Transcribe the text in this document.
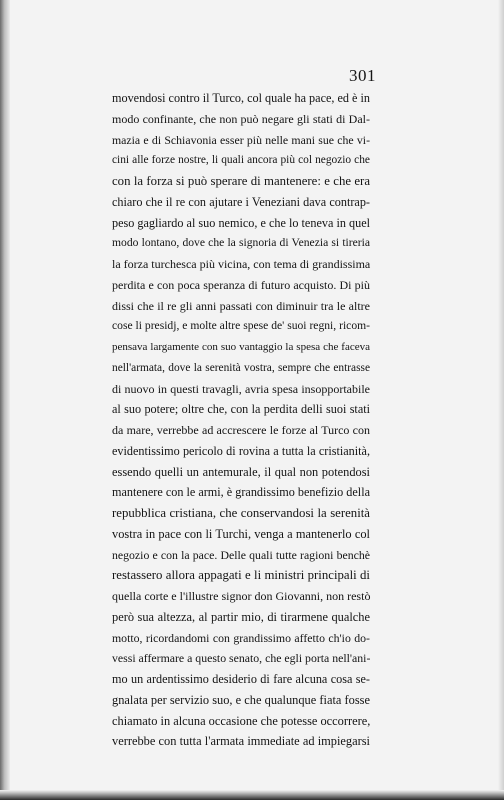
301
movendosi contro il Turco, col quale ha pace, ed è in
modo confinante, che non può negare gli stati di Dal-
mazia e di Schiavonia esser più nelle mani sue che vi-
cini alle forze nostre, li quali ancora più col negozio che
con la forza si può sperare di mantenere: e che era
chiaro che il re con ajutare i Veneziani dava contrap-
peso gagliardo al suo nemico, e che lo teneva in quel
modo lontano, dove che la signoria di Venezia si tireria
la forza turchesca più vicina, con tema di grandissima
perdita e con poca speranza di futuro acquisto. Di più
dissi che il re gli anni passati con diminuir tra le altre
cose li presidj, e molte altre spese de' suoi regni, ricom-
pensava largamente con suo vantaggio la spesa che faceva
nell'armata, dove la serenità vostra, sempre che entrasse
di nuovo in questi travagli, avria spesa insopportabile
al suo potere; oltre che, con la perdita delli suoi stati
da mare, verrebbe ad accrescere le forze al Turco con
evidentissimo pericolo di rovina a tutta la cristianità,
essendo quelli un antemurale, il qual non potendosi
mantenere con le armi, è grandissimo benefizio della
repubblica cristiana, che conservandosi la serenità
vostra in pace con li Turchi, venga a mantenerlo col
negozio e con la pace. Delle quali tutte ragioni benchè
restassero allora appagati e li ministri principali di
quella corte e l'illustre signor don Giovanni, non restò
però sua altezza, al partir mio, di tirarmene qualche
motto, ricordandomi con grandissimo affetto ch'io do-
vessi affermare a questo senato, che egli porta nell'ani-
mo un ardentissimo desiderio di fare alcuna cosa se-
gnalata per servizio suo, e che qualunque fiata fosse
chiamato in alcuna occasione che potesse occorrere,
verrebbe con tutta l'armata immediate ad impiegarsi
